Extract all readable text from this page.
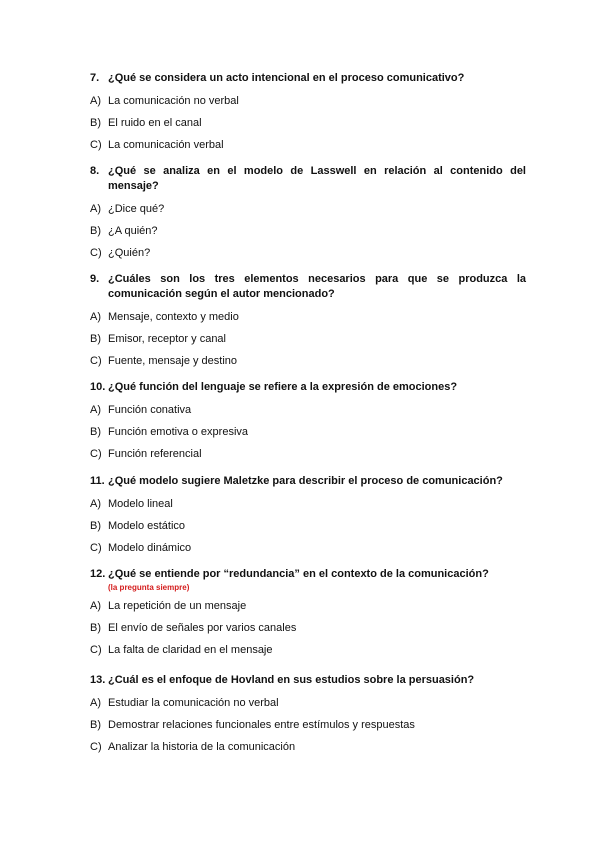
7. ¿Qué se considera un acto intencional en el proceso comunicativo?
A) La comunicación no verbal
B) El ruido en el canal
C) La comunicación verbal
8. ¿Qué se analiza en el modelo de Lasswell en relación al contenido del mensaje?
A) ¿Dice qué?
B) ¿A quién?
C) ¿Quién?
9. ¿Cuáles son los tres elementos necesarios para que se produzca la comunicación según el autor mencionado?
A) Mensaje, contexto y medio
B) Emisor, receptor y canal
C) Fuente, mensaje y destino
10. ¿Qué función del lenguaje se refiere a la expresión de emociones?
A) Función conativa
B) Función emotiva o expresiva
C) Función referencial
11. ¿Qué modelo sugiere Maletzke para describir el proceso de comunicación?
A) Modelo lineal
B) Modelo estático
C) Modelo dinámico
12. ¿Qué se entiende por “redundancia” en el contexto de la comunicación?
(la pregunta siempre)
A) La repetición de un mensaje
B) El envío de señales por varios canales
C) La falta de claridad en el mensaje
13. ¿Cuál es el enfoque de Hovland en sus estudios sobre la persuasión?
A) Estudiar la comunicación no verbal
B) Demostrar relaciones funcionales entre estímulos y respuestas
C) Analizar la historia de la comunicación
